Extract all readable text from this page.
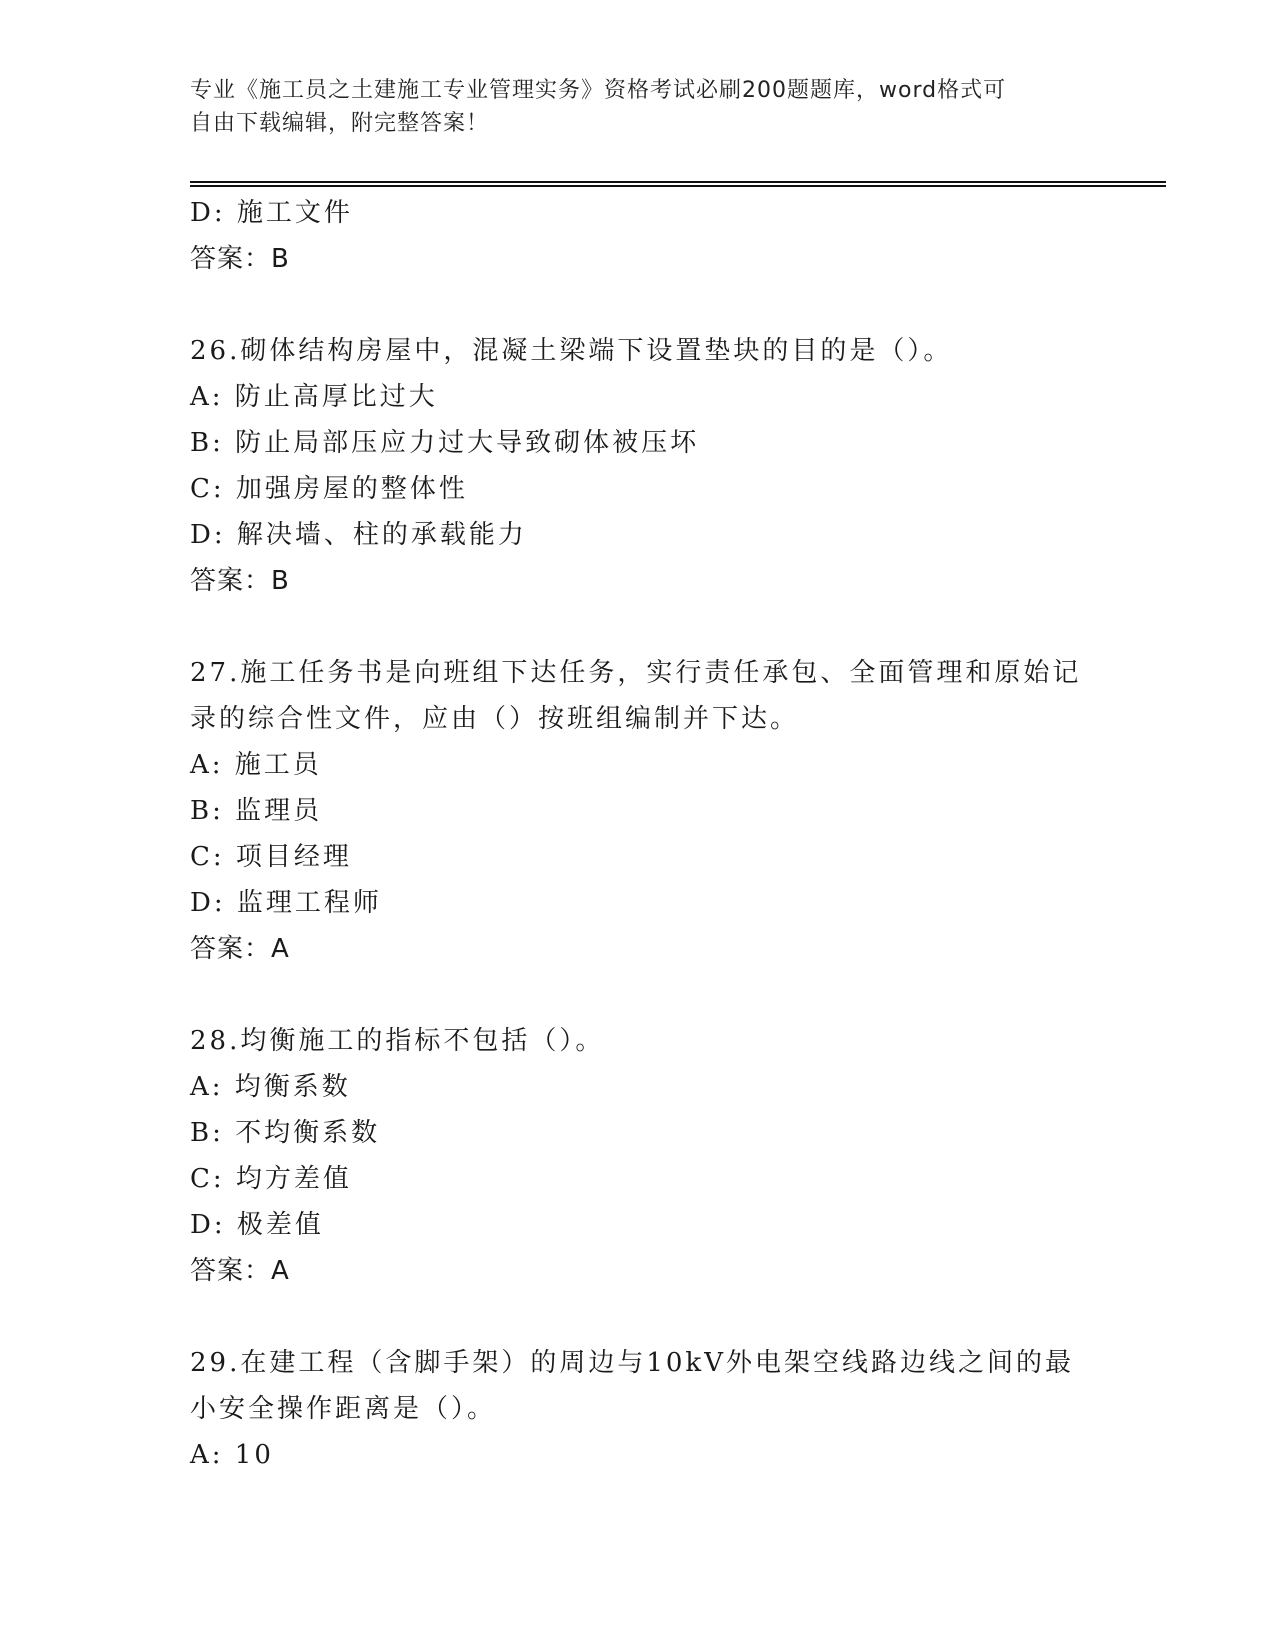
专业《施工员之土建施工专业管理实务》资格考试必刷200题题库，word格式可
自由下载编辑，附完整答案！
D: 施工文件
答案：B
26.砌体结构房屋中，混凝土梁端下设置垫块的目的是（）。
A: 防止高厚比过大
B: 防止局部压应力过大导致砌体被压坏
C: 加强房屋的整体性
D: 解决墙、柱的承载能力
答案：B
27.施工任务书是向班组下达任务，实行责任承包、全面管理和原始记
录的综合性文件，应由（）按班组编制并下达。
A: 施工员
B: 监理员
C: 项目经理
D: 监理工程师
答案：A
28.均衡施工的指标不包括（）。
A: 均衡系数
B: 不均衡系数
C: 均方差值
D: 极差值
答案：A
29.在建工程（含脚手架）的周边与10kV外电架空线路边线之间的最
小安全操作距离是（）。
A: 10
